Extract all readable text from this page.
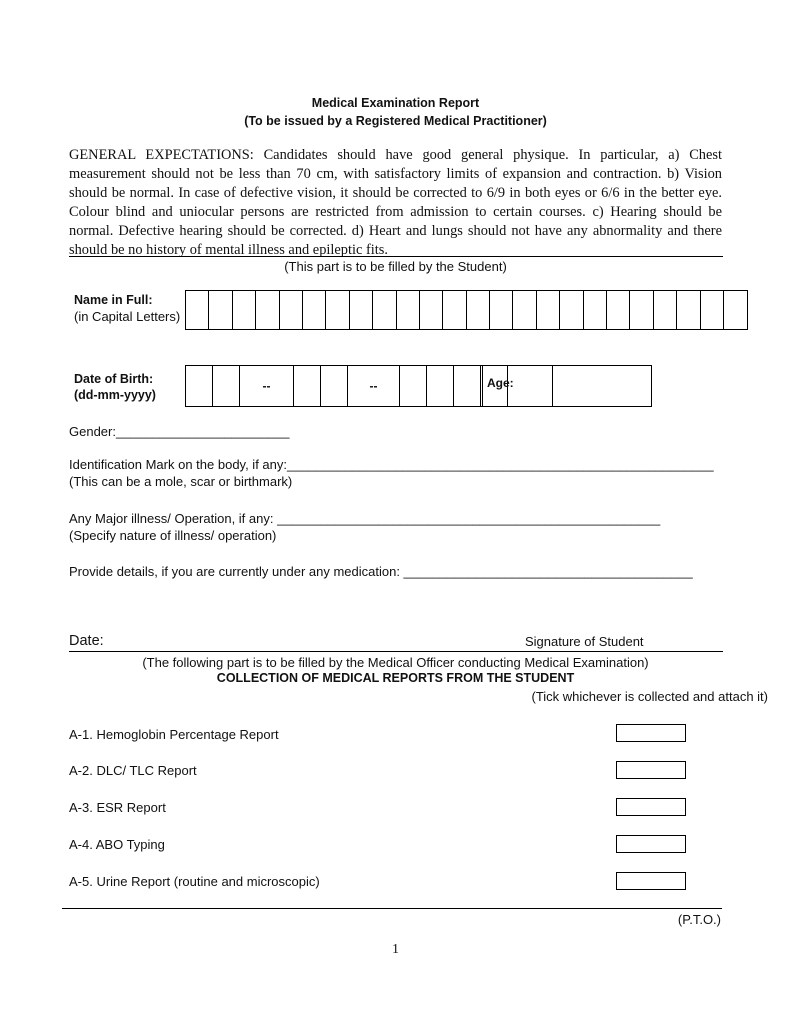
Medical Examination Report
(To be issued by a Registered Medical Practitioner)

GENERAL EXPECTATIONS: Candidates should have good general physique. In particular, a) Chest measurement should not be less than 70 cm, with satisfactory limits of expansion and contraction. b) Vision should be normal. In case of defective vision, it should be corrected to 6/9 in both eyes or 6/6 in the better eye. Colour blind and uniocular persons are restricted from admission to certain courses. c) Hearing should be normal. Defective hearing should be corrected. d) Heart and lungs should not have any abnormality and there should be no history of mental illness and epileptic fits.

(This part is to be filled by the Student)
Name in Full:
(in Capital Letters)
Date of Birth:
(dd-mm-yyyy)
--	--	Age:
Gender:________________________
Identification Mark on the body, if any:___________________________________________________________
(This can be a mole, scar or birthmark)
Any Major illness/ Operation, if any: _____________________________________________________
(Specify nature of illness/ operation)
Provide details, if you are currently under any medication: ________________________________________
Date:	Signature of Student
(The following part is to be filled by the Medical Officer conducting Medical Examination)
COLLECTION OF MEDICAL REPORTS FROM THE STUDENT
(Tick whichever is collected and attach it)
A-1. Hemoglobin Percentage Report
A-2. DLC/ TLC Report
A-3. ESR Report
A-4. ABO Typing
A-5. Urine Report (routine and microscopic)
(P.T.O.)
1
